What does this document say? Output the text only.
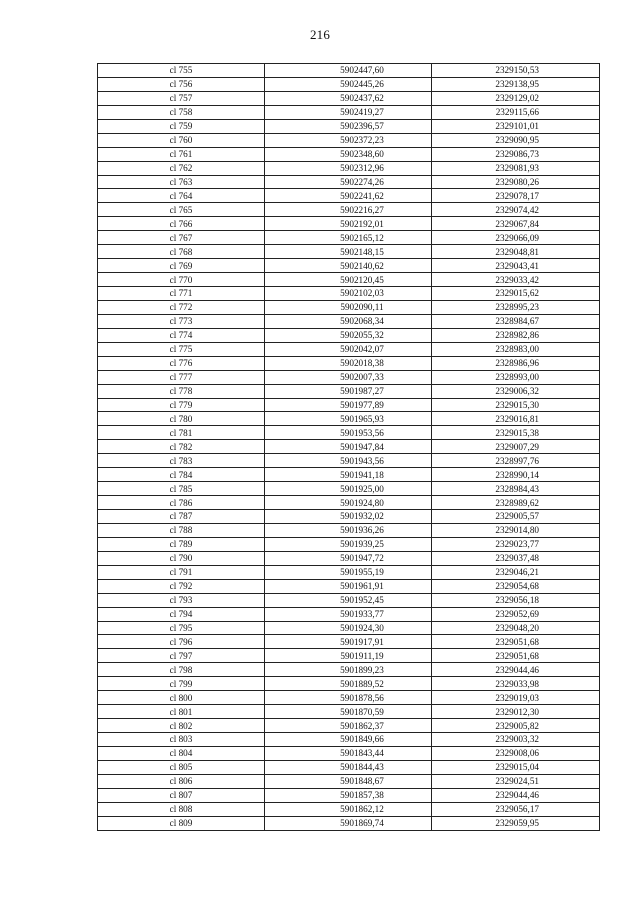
216
cl 755	5902447,60	2329150,53
cl 756	5902445,26	2329138,95
cl 757	5902437,62	2329129,02
cl 758	5902419,27	2329115,66
cl 759	5902396,57	2329101,01
cl 760	5902372,23	2329090,95
cl 761	5902348,60	2329086,73
cl 762	5902312,96	2329081,93
cl 763	5902274,26	2329080,26
cl 764	5902241,62	2329078,17
cl 765	5902216,27	2329074,42
cl 766	5902192,01	2329067,84
cl 767	5902165,12	2329066,09
cl 768	5902148,15	2329048,81
cl 769	5902140,62	2329043,41
cl 770	5902120,45	2329033,42
cl 771	5902102,03	2329015,62
cl 772	5902090,11	2328995,23
cl 773	5902068,34	2328984,67
cl 774	5902055,32	2328982,86
cl 775	5902042,07	2328983,00
cl 776	5902018,38	2328986,96
cl 777	5902007,33	2328993,00
cl 778	5901987,27	2329006,32
cl 779	5901977,89	2329015,30
cl 780	5901965,93	2329016,81
cl 781	5901953,56	2329015,38
cl 782	5901947,84	2329007,29
cl 783	5901943,56	2328997,76
cl 784	5901941,18	2328990,14
cl 785	5901925,00	2328984,43
cl 786	5901924,80	2328989,62
cl 787	5901932,02	2329005,57
cl 788	5901936,26	2329014,80
cl 789	5901939,25	2329023,77
cl 790	5901947,72	2329037,48
cl 791	5901955,19	2329046,21
cl 792	5901961,91	2329054,68
cl 793	5901952,45	2329056,18
cl 794	5901933,77	2329052,69
cl 795	5901924,30	2329048,20
cl 796	5901917,91	2329051,68
cl 797	5901911,19	2329051,68
cl 798	5901899,23	2329044,46
cl 799	5901889,52	2329033,98
cl 800	5901878,56	2329019,03
cl 801	5901870,59	2329012,30
cl 802	5901862,37	2329005,82
cl 803	5901849,66	2329003,32
cl 804	5901843,44	2329008,06
cl 805	5901844,43	2329015,04
cl 806	5901848,67	2329024,51
cl 807	5901857,38	2329044,46
cl 808	5901862,12	2329056,17
cl 809	5901869,74	2329059,95
